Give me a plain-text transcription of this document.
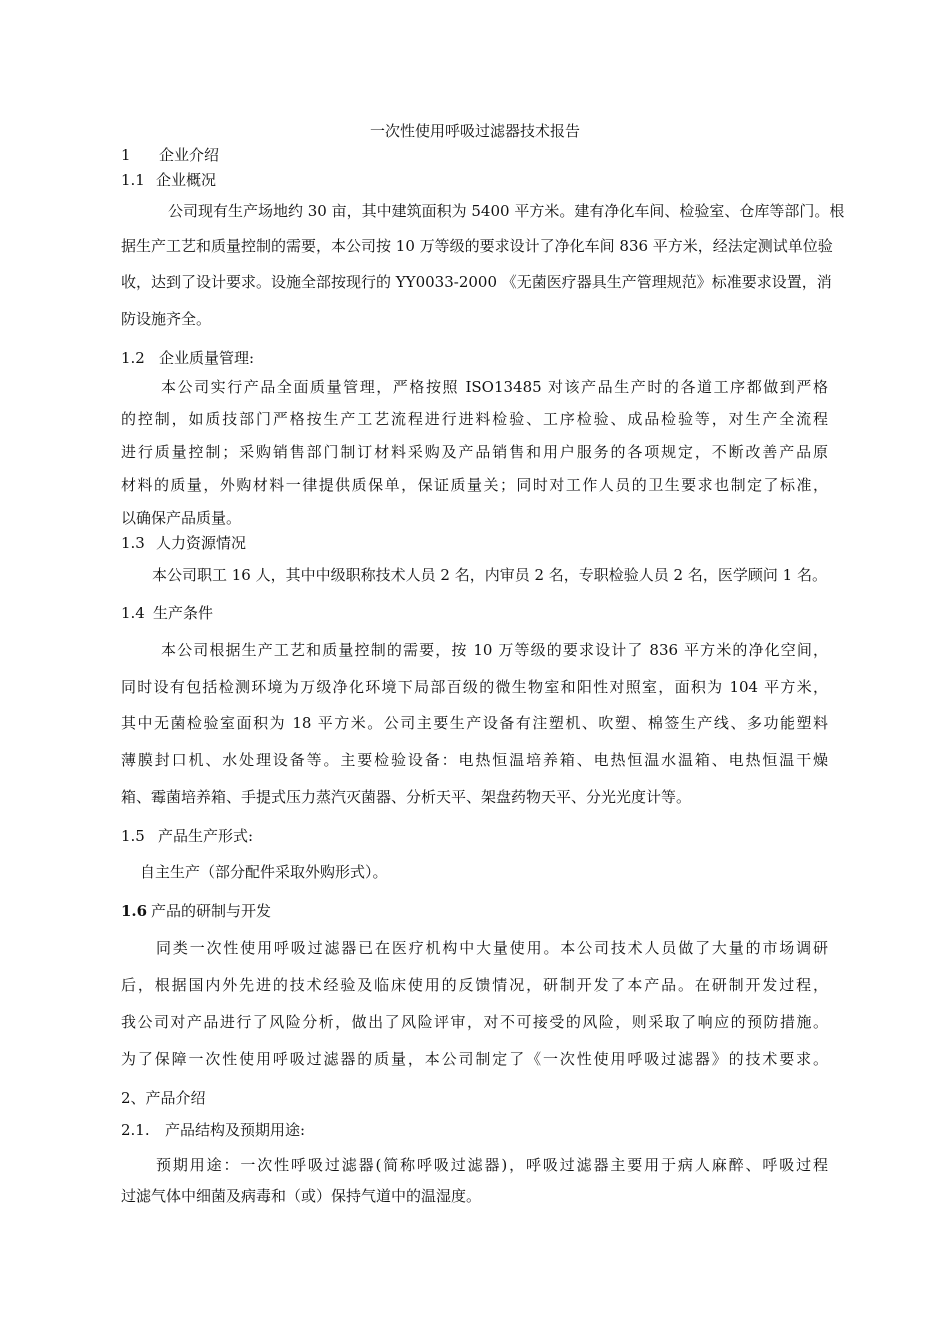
一次性使用呼吸过滤器技术报告
1 企业介绍
1.1 企业概况
公司现有生产场地约 30 亩，其中建筑面积为 5400 平方米。建有净化车间、检验室、仓库等部门。根
据生产工艺和质量控制的需要，本公司按 10 万等级的要求设计了净化车间 836 平方米，经法定测试单位验
收，达到了设计要求。设施全部按现行的 YY0033-2000 《无菌医疗器具生产管理规范》标准要求设置，消
防设施齐全。
1.2 企业质量管理:
本公司实行产品全面质量管理，严格按照 ISO13485 对该产品生产时的各道工序都做到严格
的控制，如质技部门严格按生产工艺流程进行进料检验、工序检验、成品检验等，对生产全流程
进行质量控制；采购销售部门制订材料采购及产品销售和用户服务的各项规定，不断改善产品原
材料的质量，外购材料一律提供质保单，保证质量关；同时对工作人员的卫生要求也制定了标准，
以确保产品质量。
1.3 人力资源情况
本公司职工 16 人，其中中级职称技术人员 2 名，内审员 2 名，专职检验人员 2 名，医学顾问 1 名。
1.4 生产条件
本公司根据生产工艺和质量控制的需要，按 10 万等级的要求设计了 836 平方米的净化空间，
同时设有包括检测环境为万级净化环境下局部百级的微生物室和阳性对照室，面积为 104 平方米，
其中无菌检验室面积为 18 平方米。公司主要生产设备有注塑机、吹塑、棉签生产线、多功能塑料
薄膜封口机、水处理设备等。主要检验设备：电热恒温培养箱、电热恒温水温箱、电热恒温干燥
箱、霉菌培养箱、手提式压力蒸汽灭菌器、分析天平、架盘药物天平、分光光度计等。
1.5 产品生产形式:
自主生产（部分配件采取外购形式）。
1.6 产品的研制与开发
同类一次性使用呼吸过滤器已在医疗机构中大量使用。本公司技术人员做了大量的市场调研
后，根据国内外先进的技术经验及临床使用的反馈情况，研制开发了本产品。在研制开发过程，
我公司对产品进行了风险分析，做出了风险评审，对不可接受的风险，则采取了响应的预防措施。
为了保障一次性使用呼吸过滤器的质量，本公司制定了《一次性使用呼吸过滤器》的技术要求。
2、产品介绍
2.1. 产品结构及预期用途:
预期用途：一次性呼吸过滤器(简称呼吸过滤器)，呼吸过滤器主要用于病人麻醉、呼吸过程
过滤气体中细菌及病毒和（或）保持气道中的温湿度。
